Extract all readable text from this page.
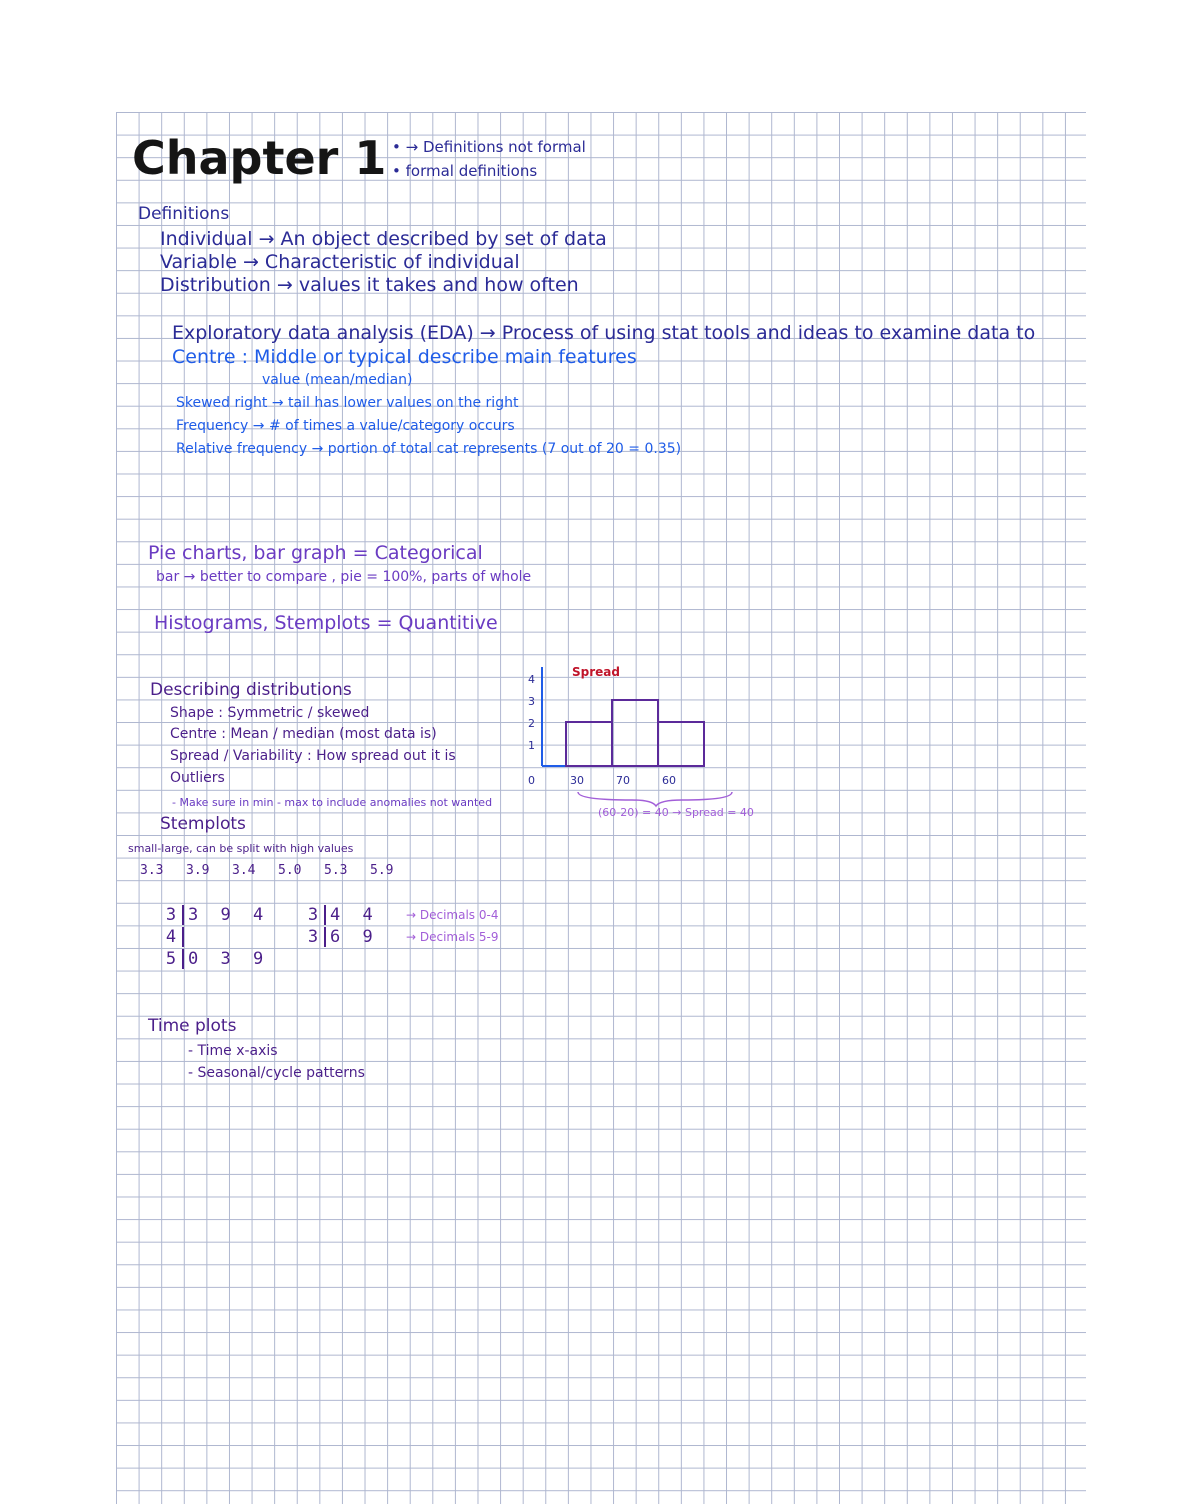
Chapter 1 • → Definitions not formal
• formal definitions
Definitions
Individual → An object described by set of data
Variable → Characteristic of individual
Distribution → values it takes and how often
Exploratory data analysis (EDA) → Process of using stat tools and ideas to examine data to
Centre : Middle or typical describe main features
value (mean/median)
Skewed right → tail has lower values on the right
Frequency → # of times a value/category occurs
Relative frequency → portion of total cat represents (7 out of 20 = 0.35)
Pie charts, bar graph = Categorical
bar → better to compare , pie = 100%, parts of whole
Histograms, Stemplots = Quantitive
Describing distributions
Shape : Symmetric / skewed
Centre : Mean / median (most data is)
Spread / Variability : How spread out it is
Outliers
- Make sure in min - max to include anomalies not wanted
1
2
3
4
0	30	70	60
Spread
(60-20) = 40 → Spread = 40
Stemplots
small-large, can be split with high values
3.3 3.9 3.4 5.0 5.3 5.9
3 3 9 4
4
5 0 3 9
3 4 4	→ Decimals 0-4
3 6 9	→ Decimals 5-9
Time plots
- Time x-axis
- Seasonal/cycle patterns
